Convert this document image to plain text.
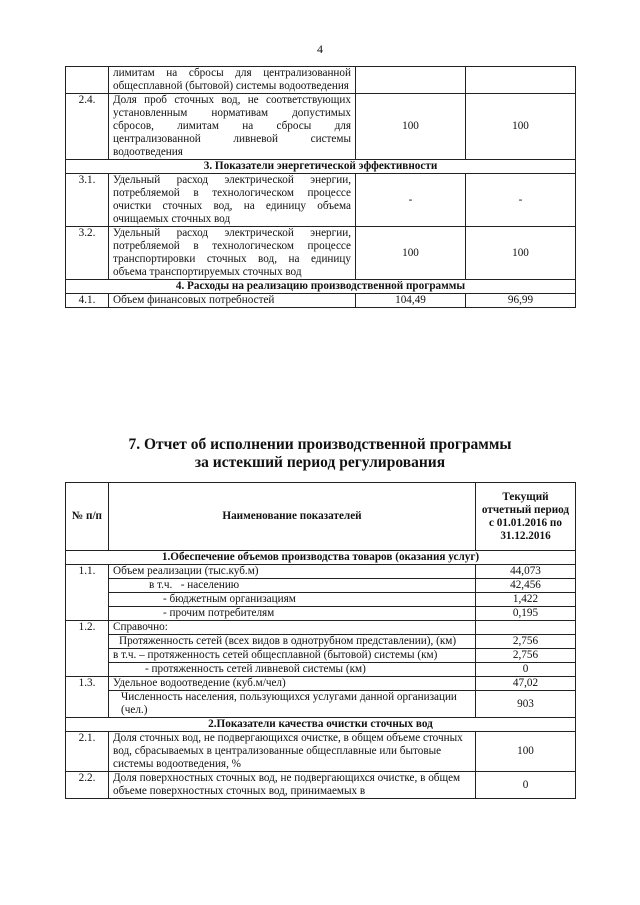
4
	лимитам на сбросы для централизованной общесплавной (бытовой) системы водоотведения		
2.4.	Доля проб сточных вод, не соответствующих установленным нормативам допустимых сбросов, лимитам на сбросы для централизованной ливневой системы водоотведения	100	100
3. Показатели энергетической эффективности			
3.1.	Удельный расход электрической энергии, потребляемой в технологическом процессе очистки сточных вод, на единицу объема очищаемых сточных вод	-	-
3.2.	Удельный расход электрической энергии, потребляемой в технологическом процессе транспортировки сточных вод, на единицу объема транспортируемых сточных вод	100	100
4. Расходы на реализацию производственной программы			
4.1.	Объем финансовых потребностей	104,49	96,99
7. Отчет об исполнении производственной программы
за истекший период регулирования
№ п/п	Наименование показателей	Текущий отчетный период с 01.01.2016 по 31.12.2016
1.Обеспечение объемов производства товаров (оказания услуг)		
1.1.	Объем реализации (тыс.куб.м)	44,073
	в т.ч.   - населению	42,456
	- бюджетным организациям	1,422
	- прочим потребителям	0,195
1.2.	Справочно:	
	Протяженность сетей (всех видов в однотрубном представлении), (км)	2,756
	в т.ч. – протяженность сетей общесплавной (бытовой) системы (км)	2,756
	- протяженность сетей ливневой системы (км)	0
1.3.	Удельное водоотведение (куб.м/чел)	47,02
	Численность населения, пользующихся услугами данной организации (чел.)	903
2.Показатели качества очистки сточных вод		
2.1.	Доля сточных вод, не подвергающихся очистке, в общем объеме сточных вод, сбрасываемых в централизованные общесплавные или бытовые системы водоотведения, %	100
2.2.	Доля поверхностных сточных вод, не подвергающихся очистке, в общем объеме поверхностных сточных вод, принимаемых в	0
